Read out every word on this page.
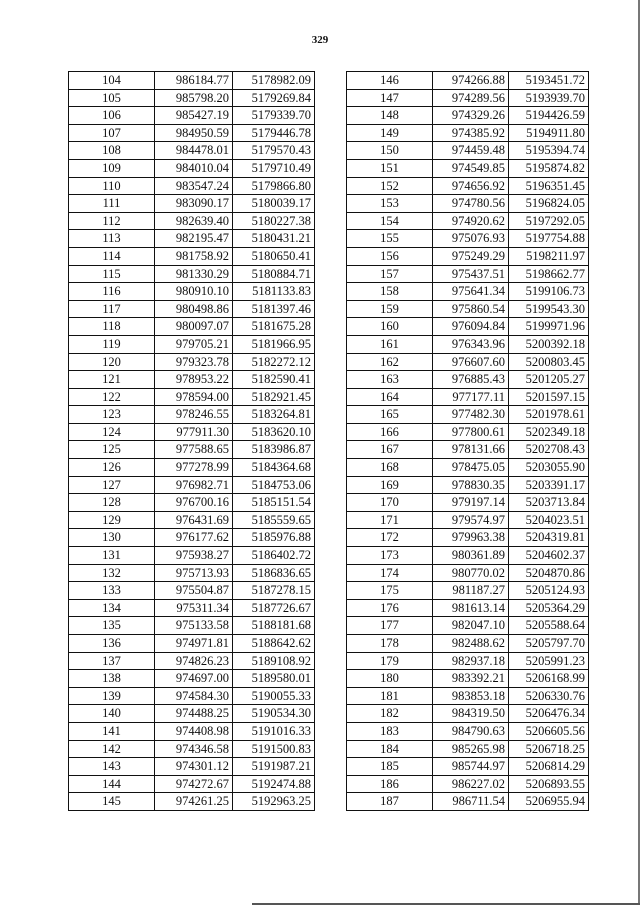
329
104	986184.77	5178982.09
105	985798.20	5179269.84
106	985427.19	5179339.70
107	984950.59	5179446.78
108	984478.01	5179570.43
109	984010.04	5179710.49
110	983547.24	5179866.80
111	983090.17	5180039.17
112	982639.40	5180227.38
113	982195.47	5180431.21
114	981758.92	5180650.41
115	981330.29	5180884.71
116	980910.10	5181133.83
117	980498.86	5181397.46
118	980097.07	5181675.28
119	979705.21	5181966.95
120	979323.78	5182272.12
121	978953.22	5182590.41
122	978594.00	5182921.45
123	978246.55	5183264.81
124	977911.30	5183620.10
125	977588.65	5183986.87
126	977278.99	5184364.68
127	976982.71	5184753.06
128	976700.16	5185151.54
129	976431.69	5185559.65
130	976177.62	5185976.88
131	975938.27	5186402.72
132	975713.93	5186836.65
133	975504.87	5187278.15
134	975311.34	5187726.67
135	975133.58	5188181.68
136	974971.81	5188642.62
137	974826.23	5189108.92
138	974697.00	5189580.01
139	974584.30	5190055.33
140	974488.25	5190534.30
141	974408.98	5191016.33
142	974346.58	5191500.83
143	974301.12	5191987.21
144	974272.67	5192474.88
145	974261.25	5192963.25
146	974266.88	5193451.72
147	974289.56	5193939.70
148	974329.26	5194426.59
149	974385.92	5194911.80
150	974459.48	5195394.74
151	974549.85	5195874.82
152	974656.92	5196351.45
153	974780.56	5196824.05
154	974920.62	5197292.05
155	975076.93	5197754.88
156	975249.29	5198211.97
157	975437.51	5198662.77
158	975641.34	5199106.73
159	975860.54	5199543.30
160	976094.84	5199971.96
161	976343.96	5200392.18
162	976607.60	5200803.45
163	976885.43	5201205.27
164	977177.11	5201597.15
165	977482.30	5201978.61
166	977800.61	5202349.18
167	978131.66	5202708.43
168	978475.05	5203055.90
169	978830.35	5203391.17
170	979197.14	5203713.84
171	979574.97	5204023.51
172	979963.38	5204319.81
173	980361.89	5204602.37
174	980770.02	5204870.86
175	981187.27	5205124.93
176	981613.14	5205364.29
177	982047.10	5205588.64
178	982488.62	5205797.70
179	982937.18	5205991.23
180	983392.21	5206168.99
181	983853.18	5206330.76
182	984319.50	5206476.34
183	984790.63	5206605.56
184	985265.98	5206718.25
185	985744.97	5206814.29
186	986227.02	5206893.55
187	986711.54	5206955.94
